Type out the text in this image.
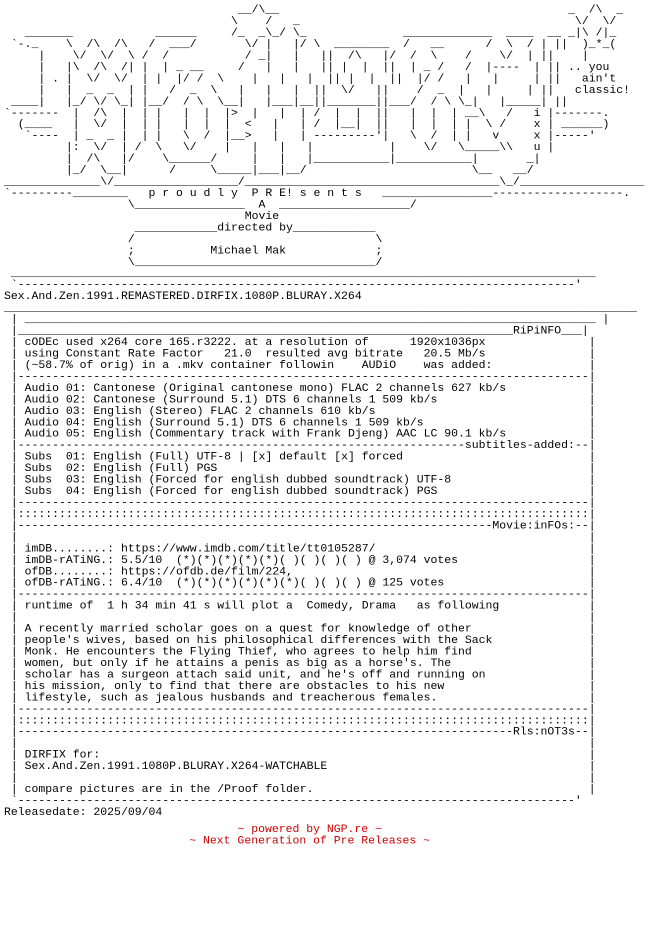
__/\__                                          _  /\  _
\    /   _                                        \/  \/
_______            ______     /_  _\_/ \_              _____________  ____  __ _|\ /|_
`-._    \  /\  /\   /  ___/       \/ |   |/ \  ________  /   __      /  \  / | ||  )_*_(
|    \/  \/  \ /  /           / _|   |   ||  /\   |/  /  \    /    \/  | ||    |
|   |\  /\  /| |  | _ __     /   |   |   || |  |  ||  | _ /   /  |----  | || .. you
| . |  \/  \/  | |  |/ /  \    |   |   |  || |  |  ||  |/ /   |   |     | ||   ain't
|   |  _  _  | |   /  _  \   |   |   |  ||  \/   ||    /  _  |   |     | ||   classic!
____|   |_/ \/ \_| |__/  / \  \__|   |___|__||_______||___/  / \ \_|   |_____| ||
`-------  |  /\  |  | |   |  |  |>  |   |  | /  |  |  ||   |  |  | __\   /   i |-------.
(____   |  \/  |  | |   |  |  |  <   |   | /  |__|  ||   |  |  | |  \ /    x | ______)
`----  | _  _ |  | |   \  /  |__>   |   | ---------'|   \  /  | |   v     x |-----'
|:  \/  | /  \   \/    |   |   |   |           |    \/   \_____\\   u |
|  /\   |/    \______/     |   |   |___________|___________|       _|
|_/  \__|      /     \_____|___|__/                        \__   __/
______________\/__________________/_____________________________________\_/__________________
`---------________   p r o u d l y  P R E! s e n t s   ________________-------------------.
\________________  A  ___________________/
Movie
____________directed by____________
/                                   \
;           Michael Mak             ;
\___________________________________/
_____________________________________________________________________________________
`---------------------------------------------------------------------------------'
Sex.And.Zen.1991.REMASTERED.DIRFIX.1080P.BLURAY.X264
____________________________________________________________________________________________
| ___________________________________________________________________________________ |
|________________________________________________________________________RiPiNFO___|
| cODEc used x264 core 165.r3222. at a resolution of      1920x1036px               |
| using Constant Rate Factor   21.0  resulted avg bitrate   20.5 Mb/s               |
| (~58.7% of orig) in a .mkv container followin    AUDiO    was added:              |
|-----------------------------------------------------------------------------------|
| Audio 01: Cantonese (Original cantonese mono) FLAC 2 channels 627 kb/s            |
| Audio 02: Cantonese (Surround 5.1) DTS 6 channels 1 509 kb/s                      |
| Audio 03: English (Stereo) FLAC 2 channels 610 kb/s                               |
| Audio 04: English (Surround 5.1) DTS 6 channels 1 509 kb/s                        |
| Audio 05: English (Commentary track with Frank Djeng) AAC LC 90.1 kb/s            |
|-----------------------------------------------------------------subtitles-added:--|
| Subs  01: English (Full) UTF-8 | [x] default [x] forced                           |
| Subs  02: English (Full) PGS                                                      |
| Subs  03: English (Forced for english dubbed soundtrack) UTF-8                    |
| Subs  04: English (Forced for english dubbed soundtrack) PGS                      |
|-----------------------------------------------------------------------------------|
|:::::::::::::::::::::::::::::::::::::::::::::::::::::::::::::::::::::::::::::::::::|
|---------------------------------------------------------------------Movie:inFOs:--|
|                                                                                   |
| imDB........: https://www.imdb.com/title/tt0105287/                               |
| imDB-rATiNG.: 5.5/10  (*)(*)(*)(*)(*)( )( )( )( ) @ 3,074 votes                   |
| ofDB........: https://ofdb.de/film/224,                                           |
| ofDB-rATiNG.: 6.4/10  (*)(*)(*)(*)(*)(*)( )( )( ) @ 125 votes                     |
|-----------------------------------------------------------------------------------|
| runtime of  1 h 34 min 41 s will plot a  Comedy, Drama   as following             |
|                                                                                   |
| A recently married scholar goes on a quest for knowledge of other                 |
| people's wives, based on his philosophical differences with the Sack              |
| Monk. He encounters the Flying Thief, who agrees to help him find                 |
| women, but only if he attains a penis as big as a horse's. The                    |
| scholar has a surgeon attach said unit, and he's off and running on               |
| his mission, only to find that there are obstacles to his new                     |
| lifestyle, such as jealous husbands and treacherous females.                      |
|-----------------------------------------------------------------------------------|
|:::::::::::::::::::::::::::::::::::::::::::::::::::::::::::::::::::::::::::::::::::|
|------------------------------------------------------------------------Rls:nOT3s--|
|                                                                                   |
| DIRFIX for:                                                                       |
| Sex.And.Zen.1991.1080P.BLURAY.X264-WATCHABLE                                      |
|	|
| compare pictures are in the /Proof folder.                                        |
`---------------------------------------------------------------------------------'
Releasedate: 2025/09/04
~ powered by NGP.re ~
~ Next Generation of Pre Releases ~
